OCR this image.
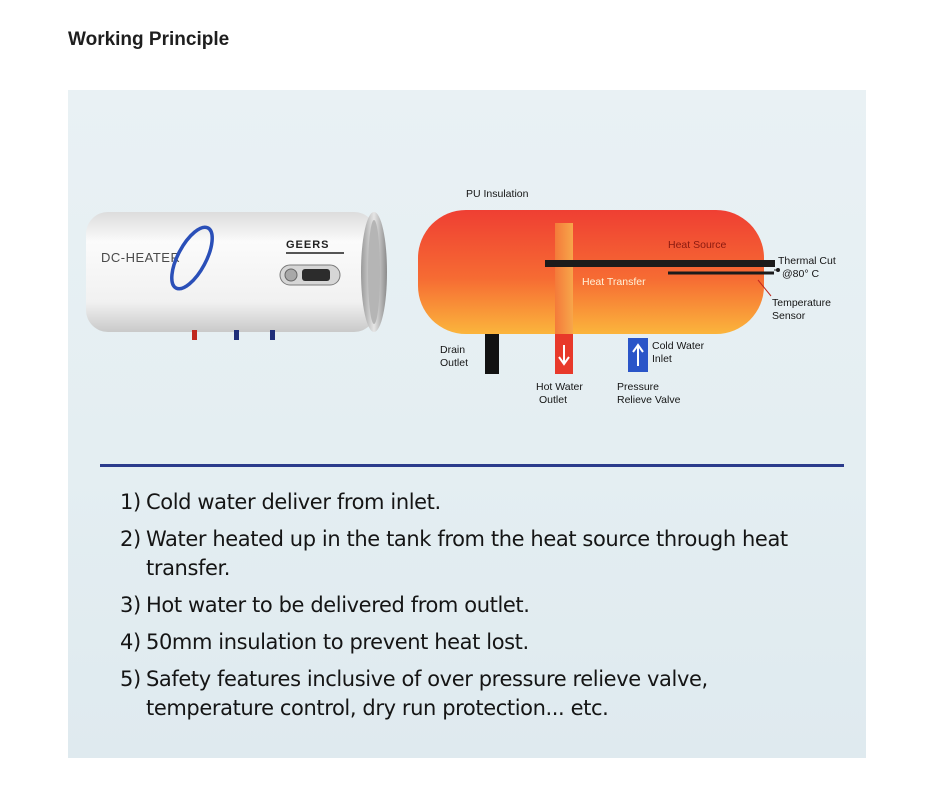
Working Principle
DC-HEATER
GEERS
PU Insulation
Heat Source
Heat Transfer
Thermal Cut
@80° C
Temperature
Sensor
Drain
Outlet
Cold Water
Inlet
Hot Water
Outlet
Pressure
Relieve Valve
1) Cold water deliver from inlet.
2) Water heated up in the tank from the heat source through heat transfer.
3) Hot water to be delivered from outlet.
4) 50mm insulation to prevent heat lost.
5) Safety features inclusive of over pressure relieve valve, temperature control, dry run protection... etc.
